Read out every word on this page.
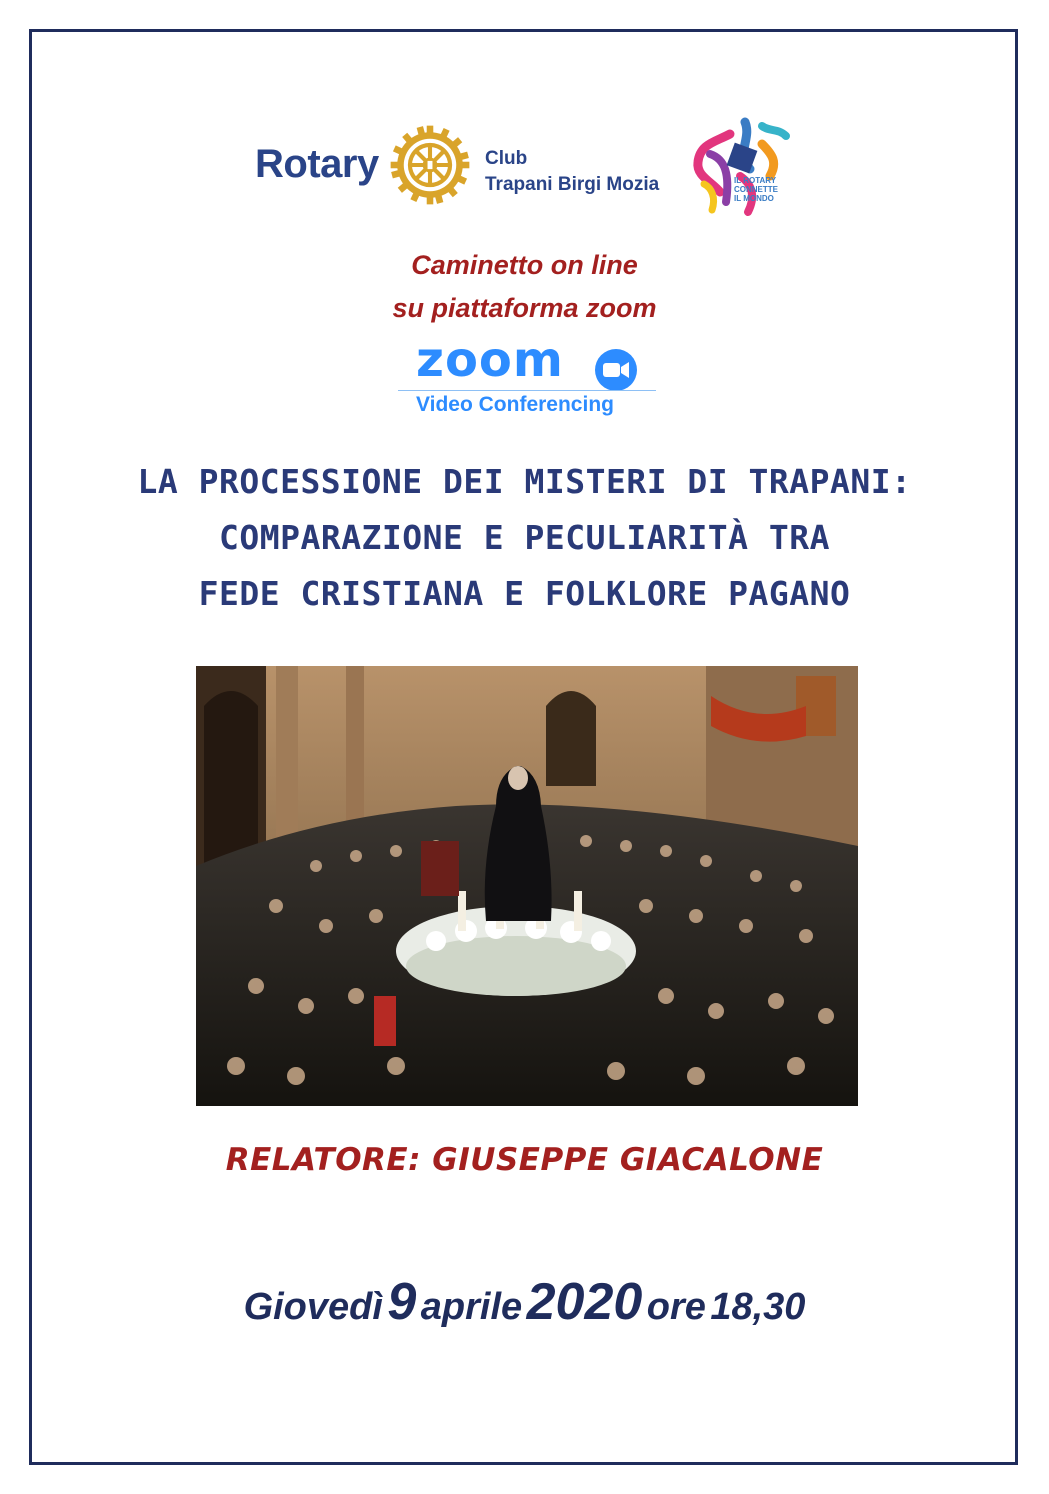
Rotary	Club
Trapani Birgi Mozia	IL ROTARY
CONNETTE
IL MONDO
Caminetto on line
su piattaforma zoom
zoom
Video Conferencing
LA PROCESSIONE DEI MISTERI DI TRAPANI:
COMPARAZIONE E PECULIARITÀ TRA
FEDE CRISTIANA E FOLKLORE PAGANO
RELATORE: GIUSEPPE GIACALONE
Giovedì 9 aprile 2020 ore 18,30
